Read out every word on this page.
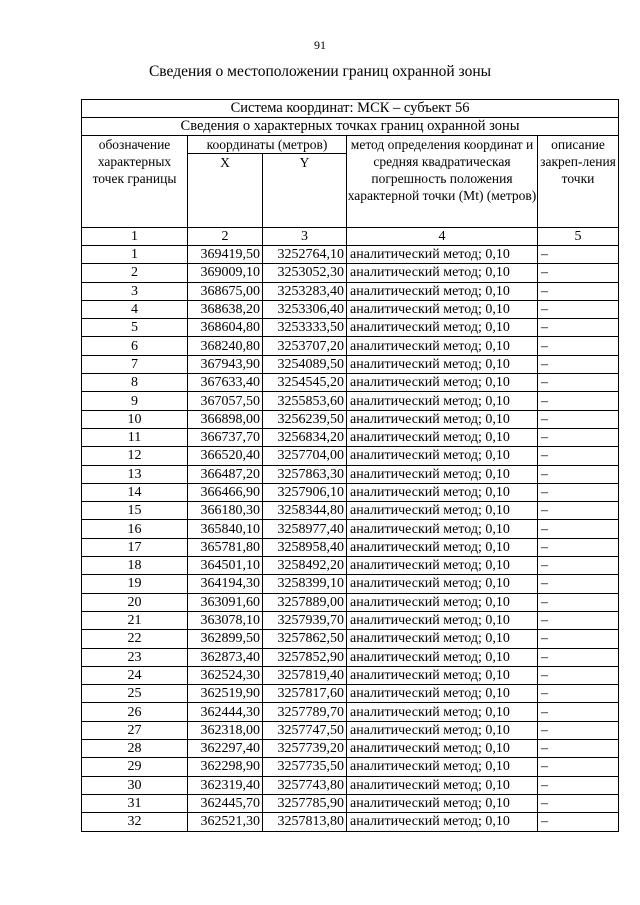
91
Сведения о местоположении границ охранной зоны
Система координат: МСК – субъект 56				
Сведения о характерных точках границ охранной зоны				
обозначение характерных точек границы	координаты (метров)		метод определения координат и средняя квадратическая погрешность положения характерной точки (Mt) (метров)	описание закреп-ления точки
	X	Y		
1	2	3	4	5
1	369419,50	3252764,10	аналитический метод; 0,10	–
2	369009,10	3253052,30	аналитический метод; 0,10	–
3	368675,00	3253283,40	аналитический метод; 0,10	–
4	368638,20	3253306,40	аналитический метод; 0,10	–
5	368604,80	3253333,50	аналитический метод; 0,10	–
6	368240,80	3253707,20	аналитический метод; 0,10	–
7	367943,90	3254089,50	аналитический метод; 0,10	–
8	367633,40	3254545,20	аналитический метод; 0,10	–
9	367057,50	3255853,60	аналитический метод; 0,10	–
10	366898,00	3256239,50	аналитический метод; 0,10	–
11	366737,70	3256834,20	аналитический метод; 0,10	–
12	366520,40	3257704,00	аналитический метод; 0,10	–
13	366487,20	3257863,30	аналитический метод; 0,10	–
14	366466,90	3257906,10	аналитический метод; 0,10	–
15	366180,30	3258344,80	аналитический метод; 0,10	–
16	365840,10	3258977,40	аналитический метод; 0,10	–
17	365781,80	3258958,40	аналитический метод; 0,10	–
18	364501,10	3258492,20	аналитический метод; 0,10	–
19	364194,30	3258399,10	аналитический метод; 0,10	–
20	363091,60	3257889,00	аналитический метод; 0,10	–
21	363078,10	3257939,70	аналитический метод; 0,10	–
22	362899,50	3257862,50	аналитический метод; 0,10	–
23	362873,40	3257852,90	аналитический метод; 0,10	–
24	362524,30	3257819,40	аналитический метод; 0,10	–
25	362519,90	3257817,60	аналитический метод; 0,10	–
26	362444,30	3257789,70	аналитический метод; 0,10	–
27	362318,00	3257747,50	аналитический метод; 0,10	–
28	362297,40	3257739,20	аналитический метод; 0,10	–
29	362298,90	3257735,50	аналитический метод; 0,10	–
30	362319,40	3257743,80	аналитический метод; 0,10	–
31	362445,70	3257785,90	аналитический метод; 0,10	–
32	362521,30	3257813,80	аналитический метод; 0,10	–
